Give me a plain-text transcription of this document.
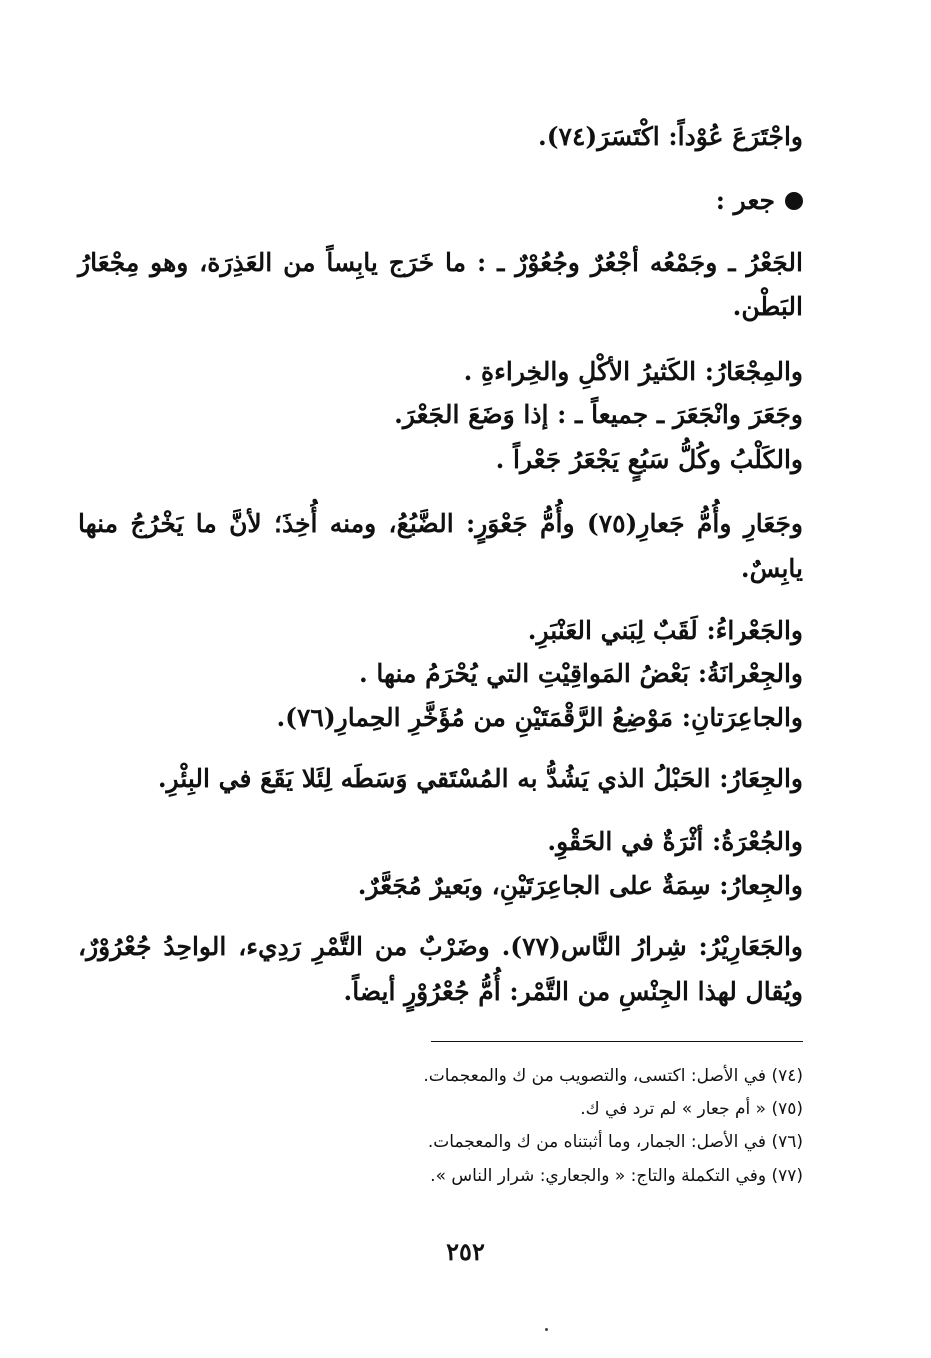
واجْتَرَعَ عُوْداً: اكْتَسَرَ(٧٤).
جعر :
الجَعْرُ ـ وجَمْعُه أجْعُرٌ وجُعُوْرٌ ـ : ما خَرَج يابِساً من العَذِرَة، وهو مِجْعَارُ
البَطْن.
والمِجْعَارُ: الكَثيرُ الأكْلِ والخِراءةِ .
وجَعَرَ وانْجَعَرَ ـ جميعاً ـ : إذا وَضَعَ الجَعْرَ.
والكَلْبُ وكُلُّ سَبُعٍ يَجْعَرُ جَعْراً .
وجَعَارِ وأُمُّ جَعارِ(٧٥) وأُمُّ جَعْوَرٍ: الضَّبُعُ، ومنه أُخِذَ؛ لأنَّ ما يَخْرُجُ منها
يابِسٌ.
والجَعْراءُ: لَقَبٌ لِبَني العَنْبَرِ.
والجِعْرانَةُ: بَعْضُ المَواقِيْتِ التي يُحْرَمُ منها .
والجاعِرَتانِ: مَوْضِعُ الرَّقْمَتَيْنِ من مُؤَخَّرِ الحِمارِ(٧٦).
والجِعَارُ: الحَبْلُ الذي يَشُدُّ به المُسْتَقي وَسَطَه لِئَلا يَقَعَ في البِئْرِ.
والجُعْرَةُ: أثْرَةٌ في الحَقْوِ.
والجِعارُ: سِمَةٌ على الجاعِرَتَيْنِ، وبَعيرٌ مُجَعَّرٌ.
والجَعَارِيْرُ: شِرارُ النَّاس(٧٧). وضَرْبٌ من التَّمْرِ رَدِيء، الواحِدُ جُعْرُوْرٌ،
ويُقال لهذا الجِنْسِ من التَّمْر: أُمُّ جُعْرُوْرٍ أيضاً.
(٧٤) في الأصل: اكتسى، والتصويب من ك والمعجمات.
(٧٥) « أم جعار » لم ترد في ك.
(٧٦) في الأصل: الجمار، وما أثبتناه من ك والمعجمات.
(٧٧) وفي التكملة والتاج: « والجعاري: شرار الناس ».
٢٥٢
